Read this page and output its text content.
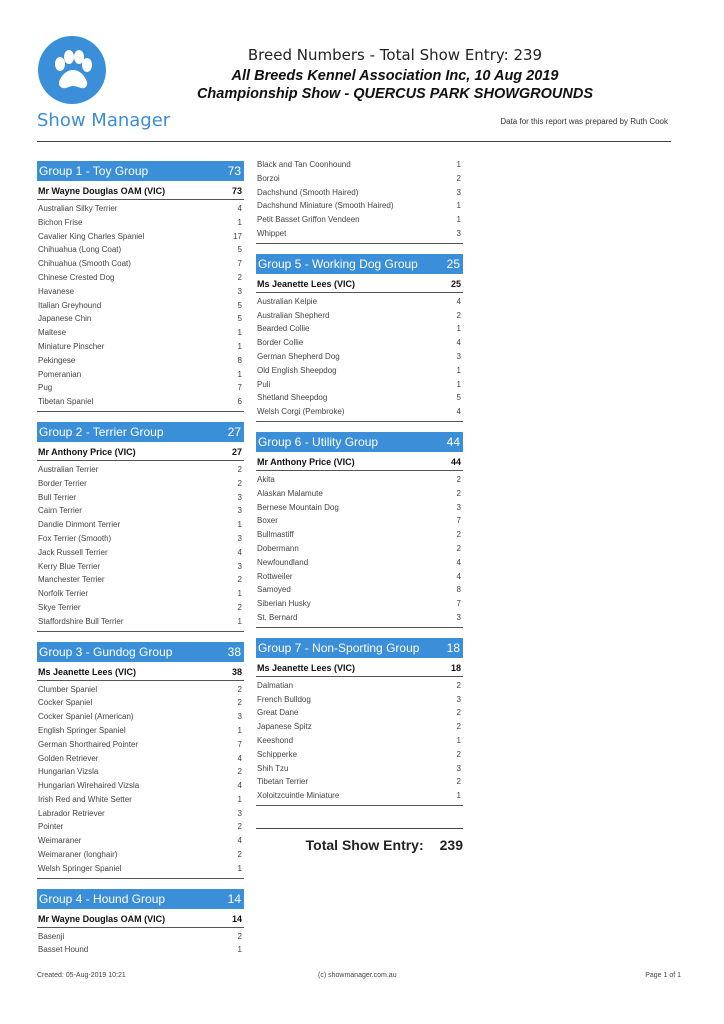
Show Manager
Breed Numbers - Total Show Entry: 239
All Breeds Kennel Association Inc, 10 Aug 2019
Championship Show - QUERCUS PARK SHOWGROUNDS
Data for this report was prepared by Ruth Cook
Group 1 - Toy Group	73
Mr Wayne Douglas OAM (VIC)	73
Australian Silky Terrier	4
Bichon Frise	1
Cavalier King Charles Spaniel	17
Chihuahua (Long Coat)	5
Chihuahua (Smooth Coat)	7
Chinese Crested Dog	2
Havanese	3
Italian Greyhound	5
Japanese Chin	5
Maltese	1
Miniature Pinscher	1
Pekingese	8
Pomeranian	1
Pug	7
Tibetan Spaniel	6
Group 2 - Terrier Group	27
Mr Anthony Price (VIC)	27
Australian Terrier	2
Border Terrier	2
Bull Terrier	3
Cairn Terrier	3
Dandie Dinmont Terrier	1
Fox Terrier (Smooth)	3
Jack Russell Terrier	4
Kerry Blue Terrier	3
Manchester Terrier	2
Norfolk Terrier	1
Skye Terrier	2
Staffordshire Bull Terrier	1
Group 3 - Gundog Group	38
Ms Jeanette Lees (VIC)	38
Clumber Spaniel	2
Cocker Spaniel	2
Cocker Spaniel (American)	3
English Springer Spaniel	1
German Shorthaired Pointer	7
Golden Retriever	4
Hungarian Vizsla	2
Hungarian Wirehaired Vizsla	4
Irish Red and White Setter	1
Labrador Retriever	3
Pointer	2
Weimaraner	4
Weimaraner (longhair)	2
Welsh Springer Spaniel	1
Group 4 - Hound Group	14
Mr Wayne Douglas OAM (VIC)	14
Basenji	2
Basset Hound	1
Black and Tan Coonhound	1
Borzoi	2
Dachshund (Smooth Haired)	3
Dachshund Miniature (Smooth Haired)	1
Petit Basset Griffon Vendeen	1
Whippet	3
Group 5 - Working Dog Group 25
Ms Jeanette Lees (VIC)	25
Australian Kelpie	4
Australian Shepherd	2
Bearded Collie	1
Border Collie	4
German Shepherd Dog	3
Old English Sheepdog	1
Puli	1
Shetland Sheepdog	5
Welsh Corgi (Pembroke)	4
Group 6 - Utility Group	44
Mr Anthony Price (VIC)	44
Akita	2
Alaskan Malamute	2
Bernese Mountain Dog	3
Boxer	7
Bullmastiff	2
Dobermann	2
Newfoundland	4
Rottweiler	4
Samoyed	8
Siberian Husky	7
St. Bernard	3
Group 7 - Non-Sporting Group 18
Ms Jeanette Lees (VIC)	18
Dalmatian	2
French Bulldog	3
Great Dane	2
Japanese Spitz	2
Keeshond	1
Schipperke	2
Shih Tzu	3
Tibetan Terrier	2
Xoloitzcuintle Miniature	1
Total Show Entry: 239
Created: 05-Aug-2019 10:21	(c) showmanager.com.au	Page 1 of 1
